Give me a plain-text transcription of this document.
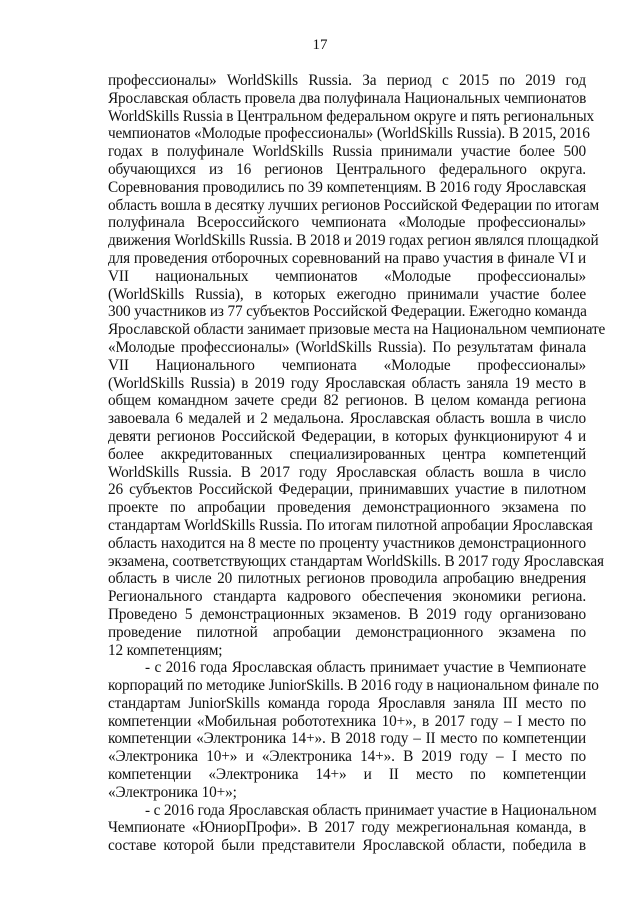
17
профессионалы» WorldSkills Russia. За период с 2015 по 2019 год
Ярославская область провела два полуфинала Национальных чемпионатов
WorldSkills Russia в Центральном федеральном округе и пять региональных
чемпионатов «Молодые профессионалы» (WorldSkills Russia). В 2015, 2016
годах в полуфинале WorldSkills Russia принимали участие более 500
обучающихся из 16 регионов Центрального федерального округа.
Соревнования проводились по 39 компетенциям. В 2016 году Ярославская
область вошла в десятку лучших регионов Российской Федерации по итогам
полуфинала Всероссийского чемпионата «Молодые профессионалы»
движения WorldSkills Russia. В 2018 и 2019 годах регион являлся площадкой
для проведения отборочных соревнований на право участия в финале VI и
VII национальных чемпионатов «Молодые профессионалы»
(WorldSkills Russia), в которых ежегодно принимали участие более
300 участников из 77 субъектов Российской Федерации. Ежегодно команда
Ярославской области занимает призовые места на Национальном чемпионате
«Молодые профессионалы» (WorldSkills Russia). По результатам финала
VII Национального чемпионата «Молодые профессионалы»
(WorldSkills Russia) в 2019 году Ярославская область заняла 19 место в
общем командном зачете среди 82 регионов. В целом команда региона
завоевала 6 медалей и 2 медальона. Ярославская область вошла в число
девяти регионов Российской Федерации, в которых функционируют 4 и
более аккредитованных специализированных центра компетенций
WorldSkills Russia. В 2017 году Ярославская область вошла в число
26 субъектов Российской Федерации, принимавших участие в пилотном
проекте по апробации проведения демонстрационного экзамена по
стандартам WorldSkills Russia. По итогам пилотной апробации Ярославская
область находится на 8 месте по проценту участников демонстрационного
экзамена, соответствующих стандартам WorldSkills. В 2017 году Ярославская
область в числе 20 пилотных регионов проводила апробацию внедрения
Регионального стандарта кадрового обеспечения экономики региона.
Проведено 5 демонстрационных экзаменов. В 2019 году организовано
проведение пилотной апробации демонстрационного экзамена по
12 компетенциям;
- с 2016 года Ярославская область принимает участие в Чемпионате
корпораций по методике JuniorSkills. В 2016 году в национальном финале по
стандартам JuniorSkills команда города Ярославля заняла III место по
компетенции «Мобильная робототехника 10+», в 2017 году – I место по
компетенции «Электроника 14+». В 2018 году – II место по компетенции
«Электроника 10+» и «Электроника 14+». В 2019 году – I место по
компетенции «Электроника 14+» и II место по компетенции
«Электроника 10+»;
- с 2016 года Ярославская область принимает участие в Национальном
Чемпионате «ЮниорПрофи». В 2017 году межрегиональная команда, в
составе которой были представители Ярославской области, победила в
